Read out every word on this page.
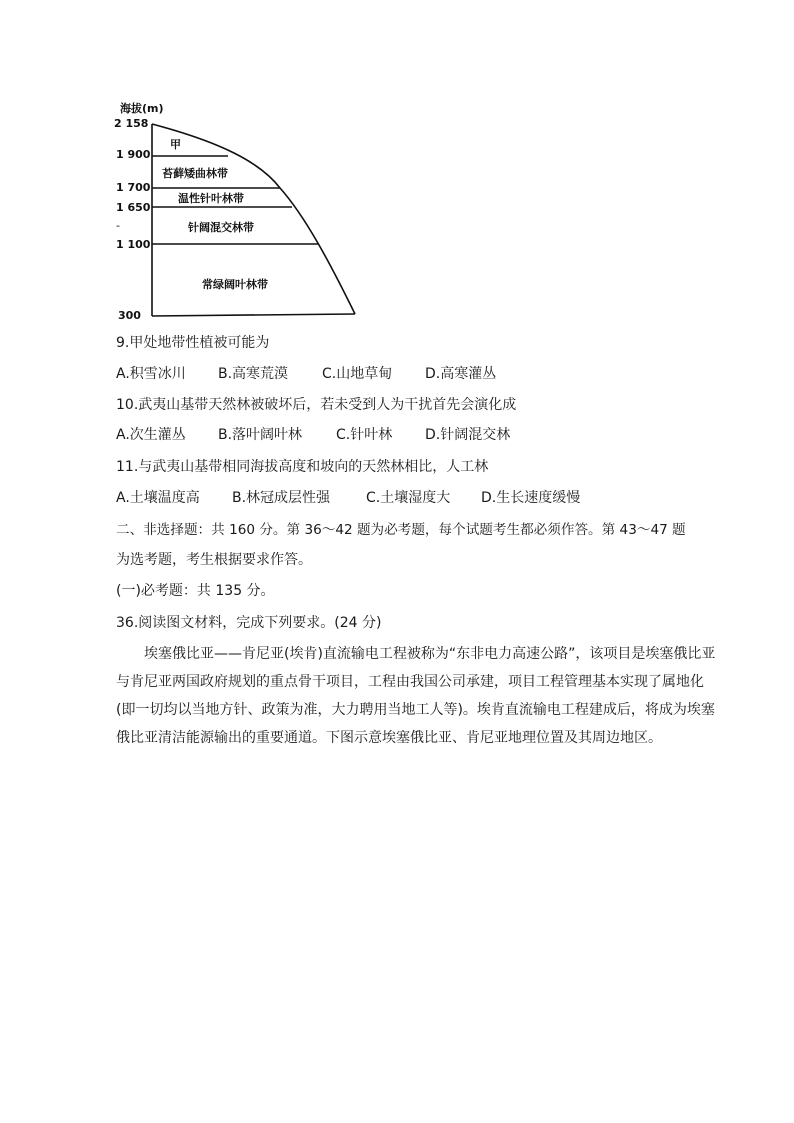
海拔(m)
2 158
1 900
1 700
1 650
-
1 100
300
甲
苔藓矮曲林带
温性针叶林带
针阔混交林带
常绿阔叶林带
9.甲处地带性植被可能为
A.积雪冰川 B.高寒荒漠 C.山地草甸 D.高寒灌丛
10.武夷山基带天然林被破坏后，若未受到人为干扰首先会演化成
A.次生灌丛 B.落叶阔叶林 C.针叶林 D.针阔混交林
11.与武夷山基带相同海拔高度和坡向的天然林相比，人工林
A.土壤温度高 B.林冠成层性强	C.土壤湿度大 D.生长速度缓慢
二、非选择题：共 160 分。第 36～42 题为必考题，每个试题考生都必须作答。第 43～47 题
为选考题，考生根据要求作答。
(一)必考题：共 135 分。
36.阅读图文材料，完成下列要求。(24 分)
埃塞俄比亚——肯尼亚(埃肯)直流输电工程被称为“东非电力高速公路”，该项目是埃塞俄比亚与肯尼亚两国政府规划的重点骨干项目，工程由我国公司承建，项目工程管理基本实现了属地化(即一切均以当地方针、政策为准，大力聘用当地工人等)。埃肯直流输电工程建成后，将成为埃塞俄比亚清洁能源输出的重要通道。下图示意埃塞俄比亚、肯尼亚地理位置及其周边地区。
